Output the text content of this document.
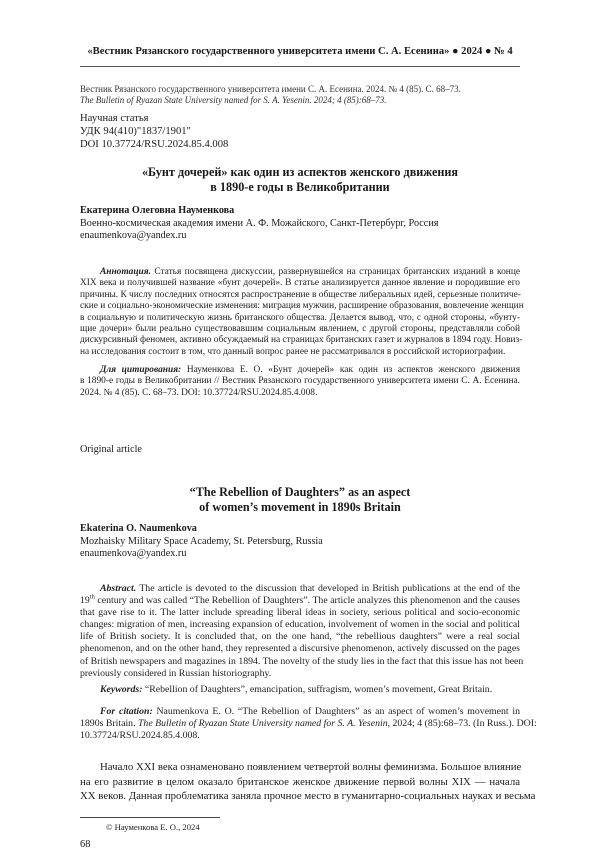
«Вестник Рязанского государственного университета имени С. А. Есенина» ● 2024 ● № 4
Вестник Рязанского государственного университета имени С. А. Есенина. 2024. № 4 (85). С. 68–73.
The Bulletin of Ryazan State University named for S. A. Yesenin. 2024; 4 (85):68–73.
Научная статья
УДК 94(410)"1837/1901"
DOI 10.37724/RSU.2024.85.4.008
«Бунт дочерей» как один из аспектов женского движения
в 1890-е годы в Великобритании
Екатерина Олеговна Науменкова
Военно-космическая академия имени А. Ф. Можайского, Санкт-Петербург, Россия
enaumenkova@yandex.ru
Аннотация. Статья посвящена дискуссии, развернувшейся на страницах британских изданий в конце
XIX века и получившей название «бунт дочерей». В статье анализируется данное явление и породившие его
причины. К числу последних относятся распространение в обществе либеральных идей, серьезные политиче-
ские и социально-экономические изменения: миграция мужчин, расширение образования, вовлечение женщин
в социальную и политическую жизнь британского общества. Делается вывод, что, с одной стороны, «бунту-
щие дочери» были реально существовавшим социальным явлением, с другой стороны, представляли собой
дискурсивный феномен, активно обсуждаемый на страницах британских газет и журналов в 1894 году. Новиз-
на исследования состоит в том, что данный вопрос ранее не рассматривался в российской историографии.
Для цитирования: Науменкова Е. О. «Бунт дочерей» как один из аспектов женского движения
в 1890-е годы в Великобритании // Вестник Рязанского государственного университета имени С. А. Есенина.
2024. № 4 (85). С. 68–73. DOI: 10.37724/RSU.2024.85.4.008.
Original article
“The Rebellion of Daughters” as an aspect
of women’s movement in 1890s Britain
Ekaterina O. Naumenkova
Mozhaisky Military Space Academy, St. Petersburg, Russia
enaumenkova@yandex.ru
Abstract. The article is devoted to the discussion that developed in British publications at the end of the
19th century and was called “The Rebellion of Daughters”. The article analyzes this phenomenon and the causes
that gave rise to it. The latter include spreading liberal ideas in society, serious political and socio-economic
changes: migration of men, increasing expansion of education, involvement of women in the social and political
life of British society. It is concluded that, on the one hand, “the rebellious daughters” were a real social
phenomenon, and on the other hand, they represented a discursive phenomenon, actively discussed on the pages
of British newspapers and magazines in 1894. The novelty of the study lies in the fact that this issue has not been
previously considered in Russian historiography.
Keywords: “Rebellion of Daughters”, emancipation, suffragism, women’s movement, Great Britain.
For citation: Naumenkova E. O. “The Rebellion of Daughters” as an aspect of women’s movement in
1890s Britain. The Bulletin of Ryazan State University named for S. A. Yesenin, 2024; 4 (85):68–73. (In Russ.). DOI:
10.37724/RSU.2024.85.4.008.
Начало XXI века ознаменовано появлением четвертой волны феминизма. Большое влияние
на его развитие в целом оказало британское женское движение первой волны XIX — начала
XX веков. Данная проблематика заняла прочное место в гуманитарно-социальных науках и весьма
© Науменкова Е. О., 2024
68
